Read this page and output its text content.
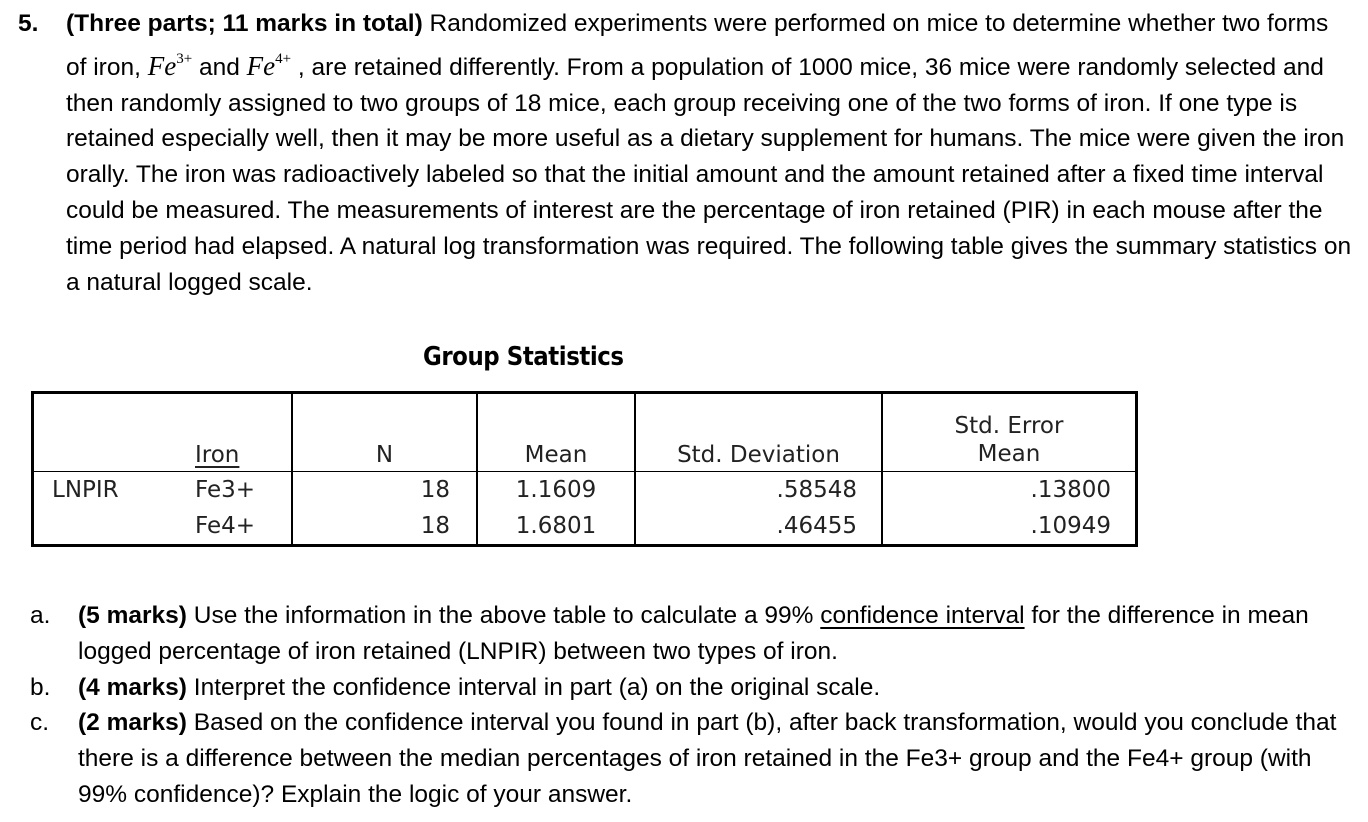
5. (Three parts; 11 marks in total) Randomized experiments were performed on mice to determine whether two forms of iron, $Fe^{3+}$ and $Fe^{4+}$ , are retained differently. From a population of 1000 mice, 36 mice were randomly selected and then randomly assigned to two groups of 18 mice, each group receiving one of the two forms of iron. If one type is retained especially well, then it may be more useful as a dietary supplement for humans. The mice were given the iron orally. The iron was radioactively labeled so that the initial amount and the amount retained after a fixed time interval could be measured. The measurements of interest are the percentage of iron retained (PIR) in each mouse after the time period had elapsed. A natural log transformation was required. The following table gives the summary statistics on a natural logged scale.
Group Statistics
	Iron	N	Mean	Std. Deviation	Std. Error
Mean
LNPIR	Fe3+	18	1.1609	.58548	.13800
	Fe4+	18	1.6801	.46455	.10949
a. (5 marks) Use the information in the above table to calculate a 99% confidence interval for the difference in mean logged percentage of iron retained (LNPIR) between two types of iron.
b. (4 marks) Interpret the confidence interval in part (a) on the original scale.
c. (2 marks) Based on the confidence interval you found in part (b), after back transformation, would you conclude that there is a difference between the median percentages of iron retained in the Fe3+ group and the Fe4+ group (with 99% confidence)? Explain the logic of your answer.
